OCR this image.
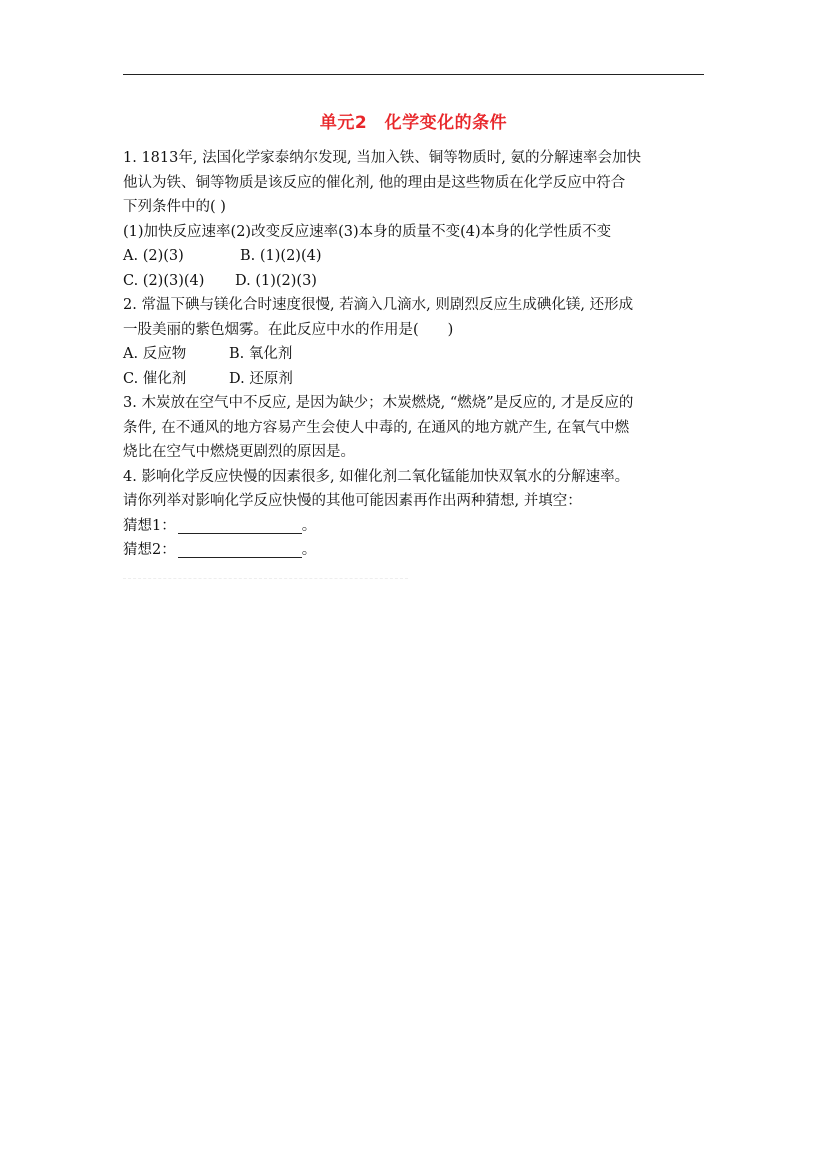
单元2　化学变化的条件
1. 1813年, 法国化学家泰纳尔发现, 当加入铁、铜等物质时, 氨的分解速率会加快
他认为铁、铜等物质是该反应的催化剂, 他的理由是这些物质在化学反应中符合
下列条件中的( )
(1)加快反应速率(2)改变反应速率(3)本身的质量不变(4)本身的化学性质不变
A. (2)(3)	B. (1)(2)(4)
C. (2)(3)(4)	D. (1)(2)(3)
2. 常温下碘与镁化合时速度很慢, 若滴入几滴水, 则剧烈反应生成碘化镁, 还形成
一股美丽的紫色烟雾。在此反应中水的作用是(　　)
A. 反应物	B. 氧化剂
C. 催化剂	D. 还原剂
3. 木炭放在空气中不反应, 是因为缺少；木炭燃烧, “燃烧”是反应的, 才是反应的
条件, 在不通风的地方容易产生会使人中毒的, 在通风的地方就产生, 在氧气中燃
烧比在空气中燃烧更剧烈的原因是。
4. 影响化学反应快慢的因素很多, 如催化剂二氧化锰能加快双氧水的分解速率。
请你列举对影响化学反应快慢的其他可能因素再作出两种猜想, 并填空：
猜想1：	。
猜想2：	。
